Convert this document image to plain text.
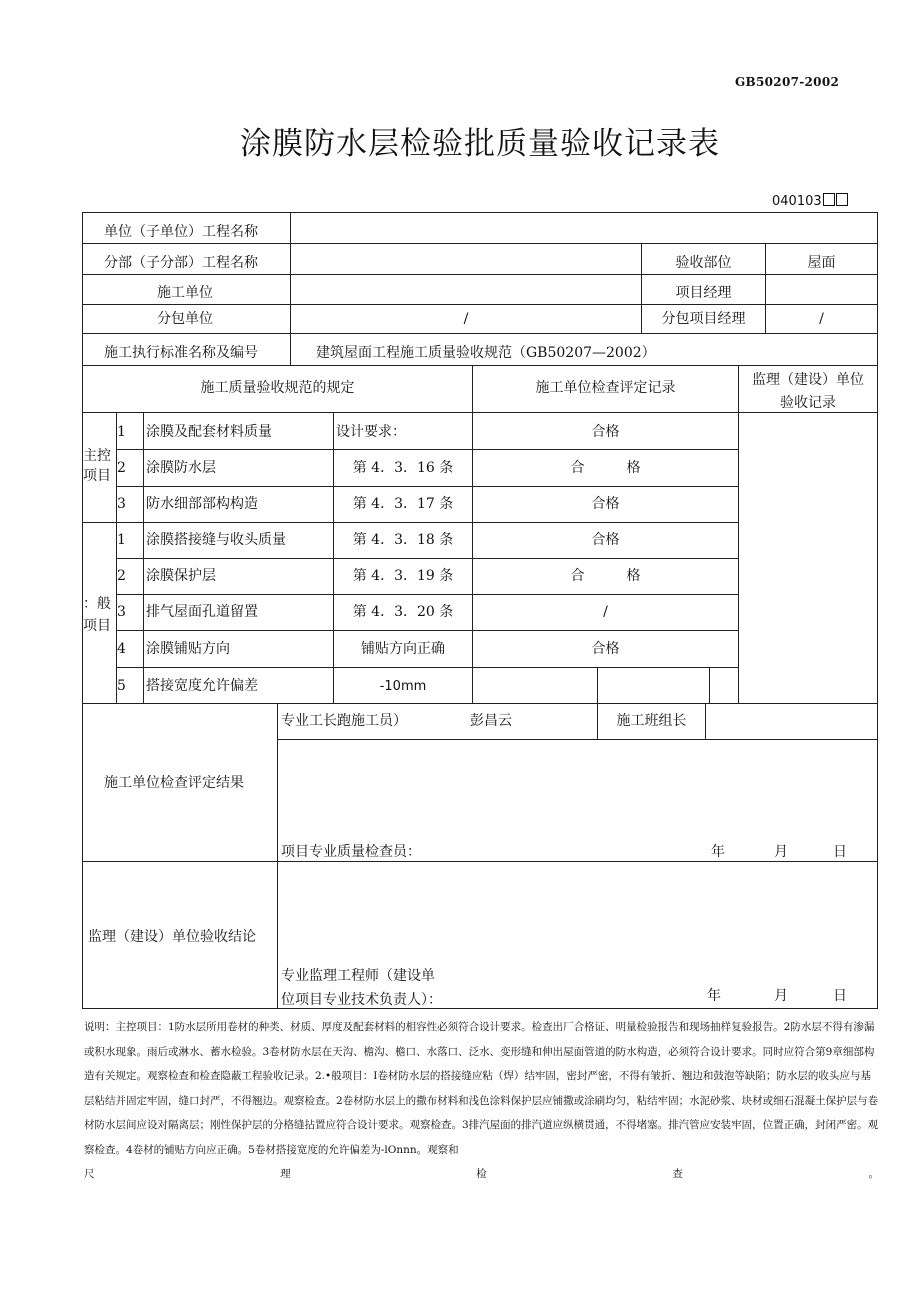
GB50207-2002
涂膜防水层检验批质量验收记录表
040103
单位（子单位）工程名称
分部（子分部）工程名称	验收部位	屋面
施工单位	项目经理
分包单位	/	分包项目经理	/
施工执行标准名称及编号	建筑屋面工程施工质量验收规范（GB50207—2002）
施工质量验收规范的规定	施工单位检查评定记录	监理（建设）单位
验收记录
主控
项目
1 涂膜及配套材料质量	设计要求：	合格
2 涂膜防水层	第 4．3．16 条	合　　　格
3 防水细部部构构造	第 4．3．17 条	合格
：般
项目
1 涂膜搭接缝与收头质量	第 4．3．18 条	合格
2 涂膜保护层	第 4．3．19 条	合　　　格
3 排气屋面孔道留置	第 4．3．20 条	/
4 涂膜铺贴方向	铺贴方向正确	合格
5 搭接宽度允许偏差	-10mm
施工单位检查评定结果
专业工长跑施工员）	彭昌云	施工班组长
项目专业质量检查员：	年	月	日
监理（建设）单位验收结论
专业监理工程师（建设单
位项目专业技术负责人）：	年	月	日
说明：主控项目：1防水层所用卷材的种类、材质、厚度及配套材料的相容性必须符合设计要求。检查出厂合格证、明量检验报告和现场抽样复验报告。2防水层不得有渗漏或积水现象。雨后或淋水、蓄水检验。3卷材防水层在天沟、檐沟、檐口、水落口、泛水、变形缝和伸出屋面管道的防水构造，必须符合设计要求。同时应符合第9章细部构造有关规定。观察检查和检查隐蔽工程验收记录。2.•般项目：I卷材防水层的搭接缝应粘（焊）结牢固，密封严密，不得有皱折、翘边和鼓泡等缺陷；防水层的收头应与基层粘结并固定牢固，缝口封严，不得翘边。观察检查。2卷材防水层上的撒布材料和浅色涂料保护层应铺撒或涂刷均匀，粘结牢固；水泥砂浆、块材或细石混凝土保护层与卷材防水层间应设对隔离层；刚性保护层的分格缝拈置应符合设计要求。观察检查。3排汽屋面的排汽道应纵横贯通，不得堵塞。排汽管应安装牢固，位置正确，封闭严密。观察检查。4卷材的铺贴方向应正确。5卷材搭接宽度的允许偏差为-lOnnn。观察和
尺	理	检	查	。
